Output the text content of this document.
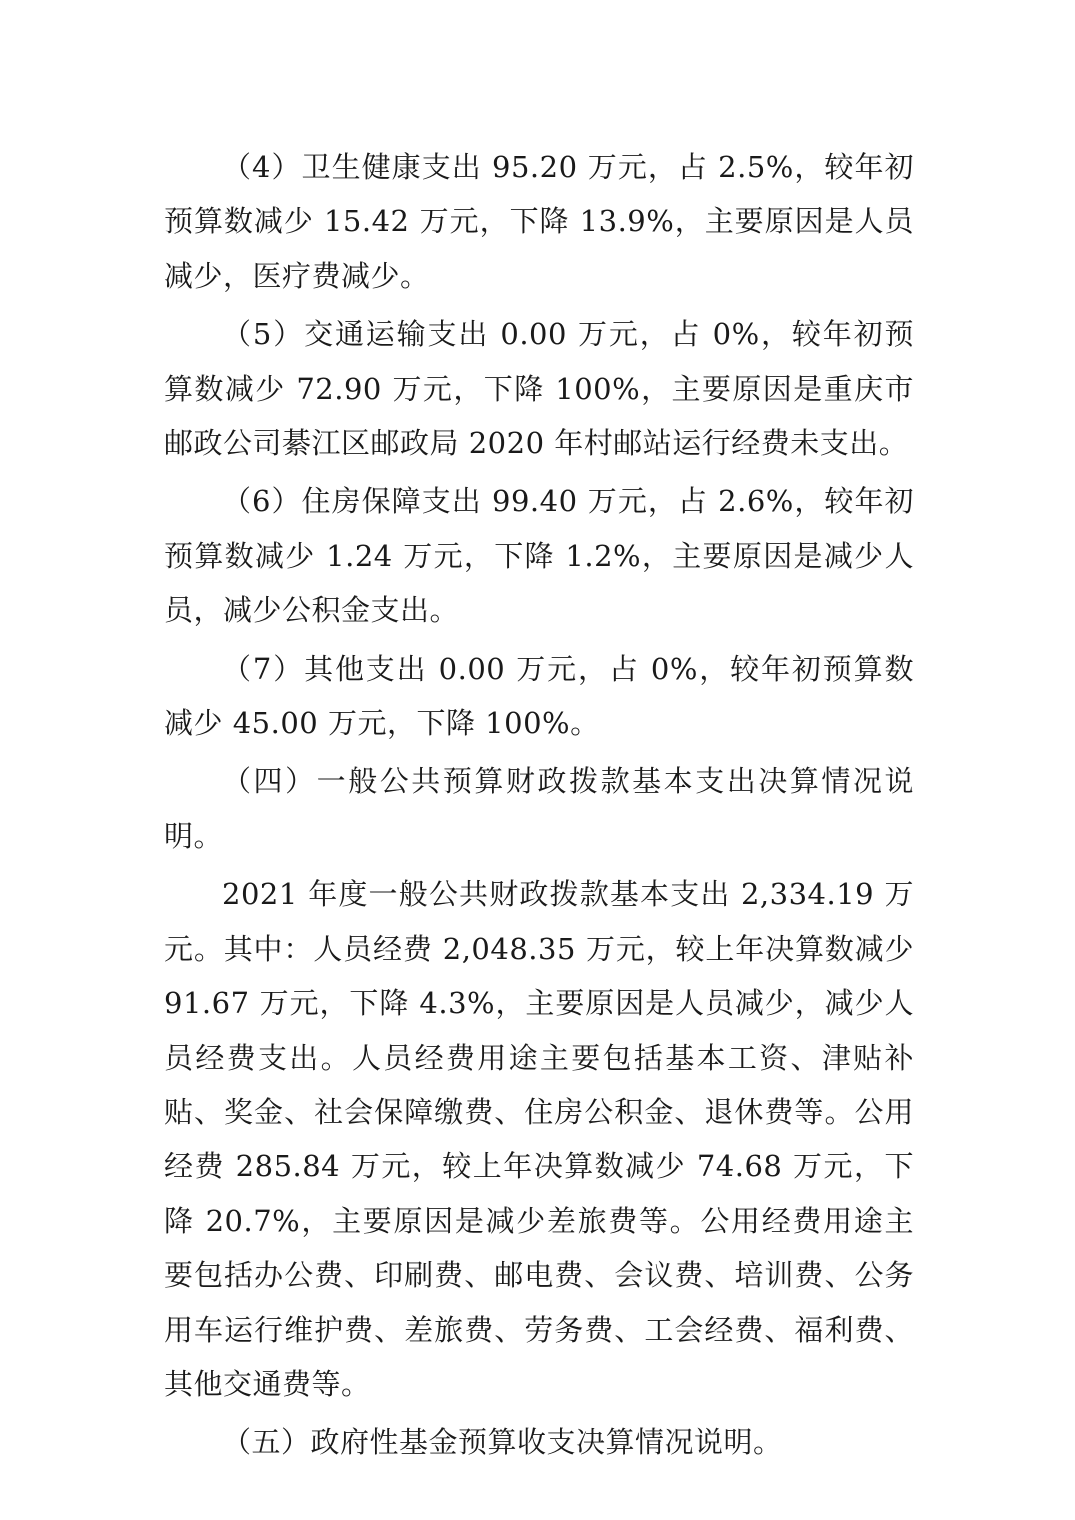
（4）卫生健康支出 95.20 万元，占 2.5%，较年初预算数减少 15.42 万元，下降 13.9%，主要原因是人员减少，医疗费减少。

（5）交通运输支出 0.00 万元，占 0%，较年初预算数减少 72.90 万元，下降 100%，主要原因是重庆市邮政公司綦江区邮政局 2020 年村邮站运行经费未支出。

（6）住房保障支出 99.40 万元，占 2.6%，较年初预算数减少 1.24 万元，下降 1.2%，主要原因是减少人员，减少公积金支出。

（7）其他支出 0.00 万元，占 0%，较年初预算数减少 45.00 万元，下降 100%。

（四）一般公共预算财政拨款基本支出决算情况说明。

2021 年度一般公共财政拨款基本支出 2,334.19 万元。其中：人员经费 2,048.35 万元，较上年决算数减少 91.67 万元，下降 4.3%，主要原因是人员减少，减少人员经费支出。人员经费用途主要包括基本工资、津贴补贴、奖金、社会保障缴费、住房公积金、退休费等。公用经费 285.84 万元，较上年决算数减少 74.68 万元，下降 20.7%，主要原因是减少差旅费等。公用经费用途主要包括办公费、印刷费、邮电费、会议费、培训费、公务用车运行维护费、差旅费、劳务费、工会经费、福利费、其他交通费等。

（五）政府性基金预算收支决算情况说明。
